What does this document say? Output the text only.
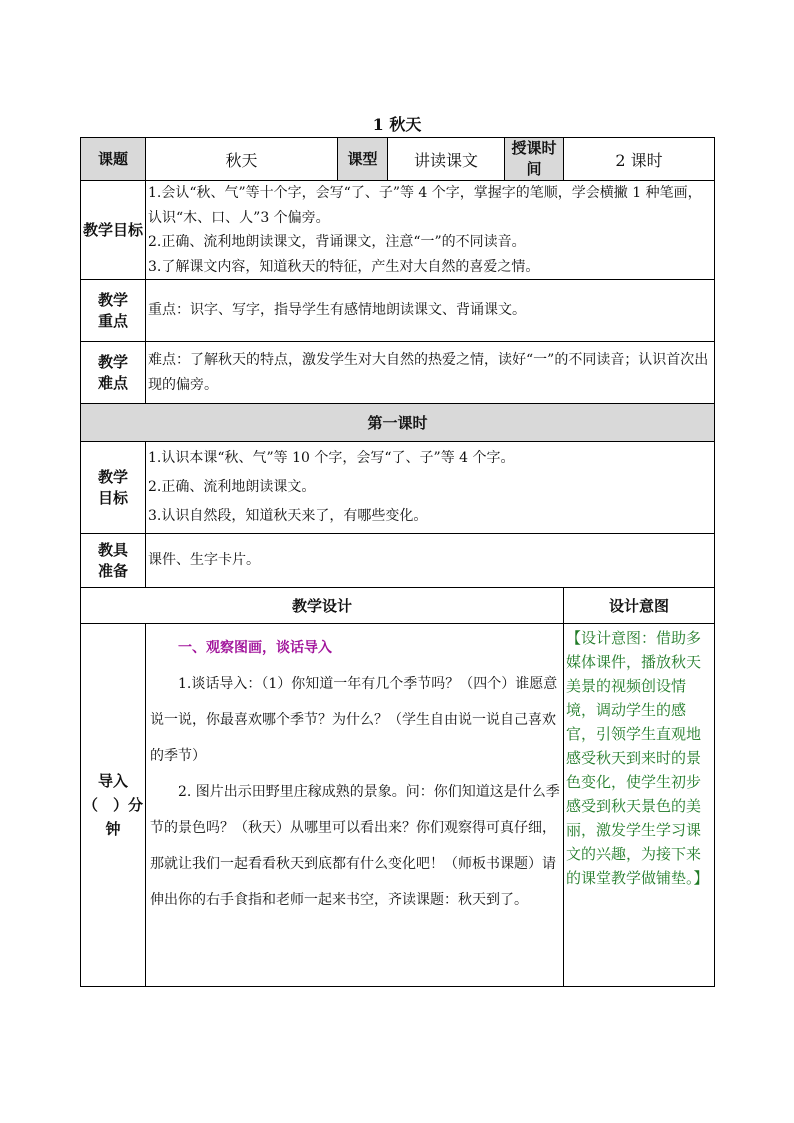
1 秋天
课题	秋天	课型	讲读课文	授课时间	2 课时
教学目标	1.会认“秋、气”等十个字，会写“了、子”等 4 个字，掌握字的笔顺，学会横撇 1 种笔画，认识“木、口、人”3 个偏旁。

2.正确、流利地朗读课文，背诵课文，注意“一”的不同读音。

3.了解课文内容，知道秋天的特征，产生对大自然的喜爱之情。				

教学重点	重点：识字、写字，指导学生有感情地朗读课文、背诵课文。				
教学难点	难点：了解秋天的特点，激发学生对大自然的热爱之情，读好“一”的不同读音；认识首次出现的偏旁。				
第一课时					
教学目标	1.认识本课“秋、气”等 10 个字，会写“了、子”等 4 个字。

2.正确、流利地朗读课文。

3.认识自然段，知道秋天来了，有哪些变化。				

教具准备	课件、生字卡片。				
教学设计					设计意图
导入（　）分钟	一、观察图画，谈话导入

1.谈话导入：（1）你知道一年有几个季节吗？（四个）谁愿意说一说，你最喜欢哪个季节？为什么？（学生自由说一说自己喜欢的季节）

2. 图片出示田野里庄稼成熟的景象。问：你们知道这是什么季节的景色吗？（秋天）从哪里可以看出来？你们观察得可真仔细，那就让我们一起看看秋天到底都有什么变化吧！（师板书课题）请伸出你的右手食指和老师一起来书空，齐读课题：秋天到了。				【设计意图：借助多媒体课件，播放秋天美景的视频创设情境，调动学生的感官，引领学生直观地感受秋天到来时的景色变化，使学生初步感受到秋天景色的美丽，激发学生学习课文的兴趣，为接下来的课堂教学做铺垫。】
